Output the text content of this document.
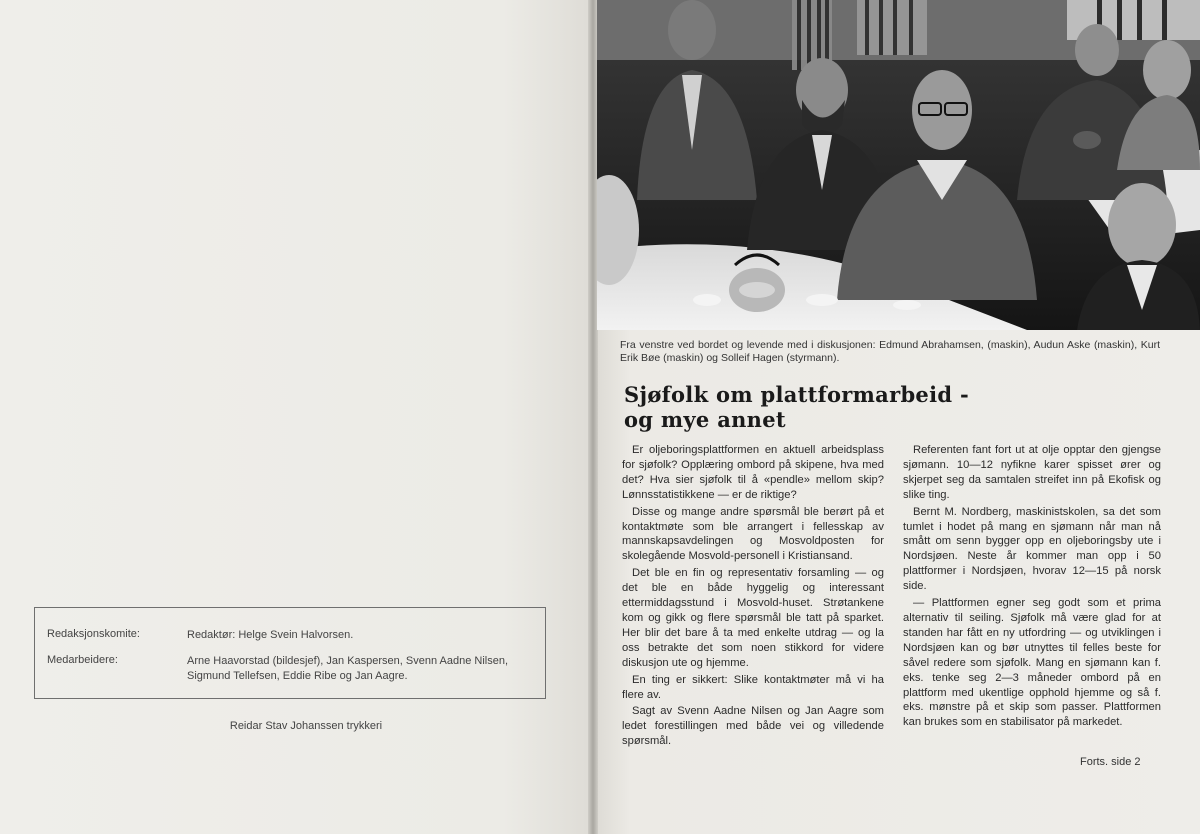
Redaksjonskomite:	Redaktør: Helge Svein Halvorsen.
Medarbeidere:	Arne Haavorstad (bildesjef), Jan Kaspersen, Svenn Aadne Nilsen, Sigmund Tellefsen, Eddie Ribe og Jan Aagre.
Reidar Stav Johanssen trykkeri
Fra venstre ved bordet og levende med i diskusjonen: Edmund Abrahamsen, (maskin), Audun Aske (maskin), Kurt Erik Bøe (maskin) og Solleif Hagen (styrmann).
Sjøfolk om plattformarbeid -
og mye annet

Er oljeboringsplattformen en aktuell arbeidsplass for sjøfolk? Opplæring ombord på skipene, hva med det? Hva sier sjøfolk til å «pendle» mellom skip? Lønnsstatistikkene — er de riktige?

Disse og mange andre spørsmål ble berørt på et kontaktmøte som ble arrangert i fellesskap av mannskapsavdelingen og Mosvoldposten for skolegående Mosvold-personell i Kristiansand.

Det ble en fin og representativ forsamling — og det ble en både hyggelig og interessant ettermiddagsstund i Mosvold-huset. Strøtankene kom og gikk og flere spørsmål ble tatt på sparket. Her blir det bare å ta med enkelte utdrag — og la oss betrakte det som noen stikkord for videre diskusjon ute og hjemme.

En ting er sikkert: Slike kontaktmøter må vi ha flere av.

Sagt av Svenn Aadne Nilsen og Jan Aagre som ledet forestillingen med både vei og villedende spørsmål.

Referenten fant fort ut at olje opptar den gjengse sjømann. 10—12 nyfikne karer spisset ører og skjerpet seg da samtalen streifet inn på Ekofisk og slike ting.

Bernt M. Nordberg, maskinistskolen, sa det som tumlet i hodet på mang en sjømann når man nå smått om senn bygger opp en oljeboringsby ute i Nordsjøen. Neste år kommer man opp i 50 plattformer i Nordsjøen, hvorav 12—15 på norsk side.

— Plattformen egner seg godt som et prima alternativ til seiling. Sjøfolk må være glad for at standen har fått en ny utfordring — og utviklingen i Nordsjøen kan og bør utnyttes til felles beste for såvel redere som sjøfolk. Mang en sjømann kan f. eks. tenke seg 2—3 måneder ombord på en plattform med ukentlige opphold hjemme og så f. eks. mønstre på et skip som passer. Plattformen kan brukes som en stabilisator på markedet.

Forts. side 2
